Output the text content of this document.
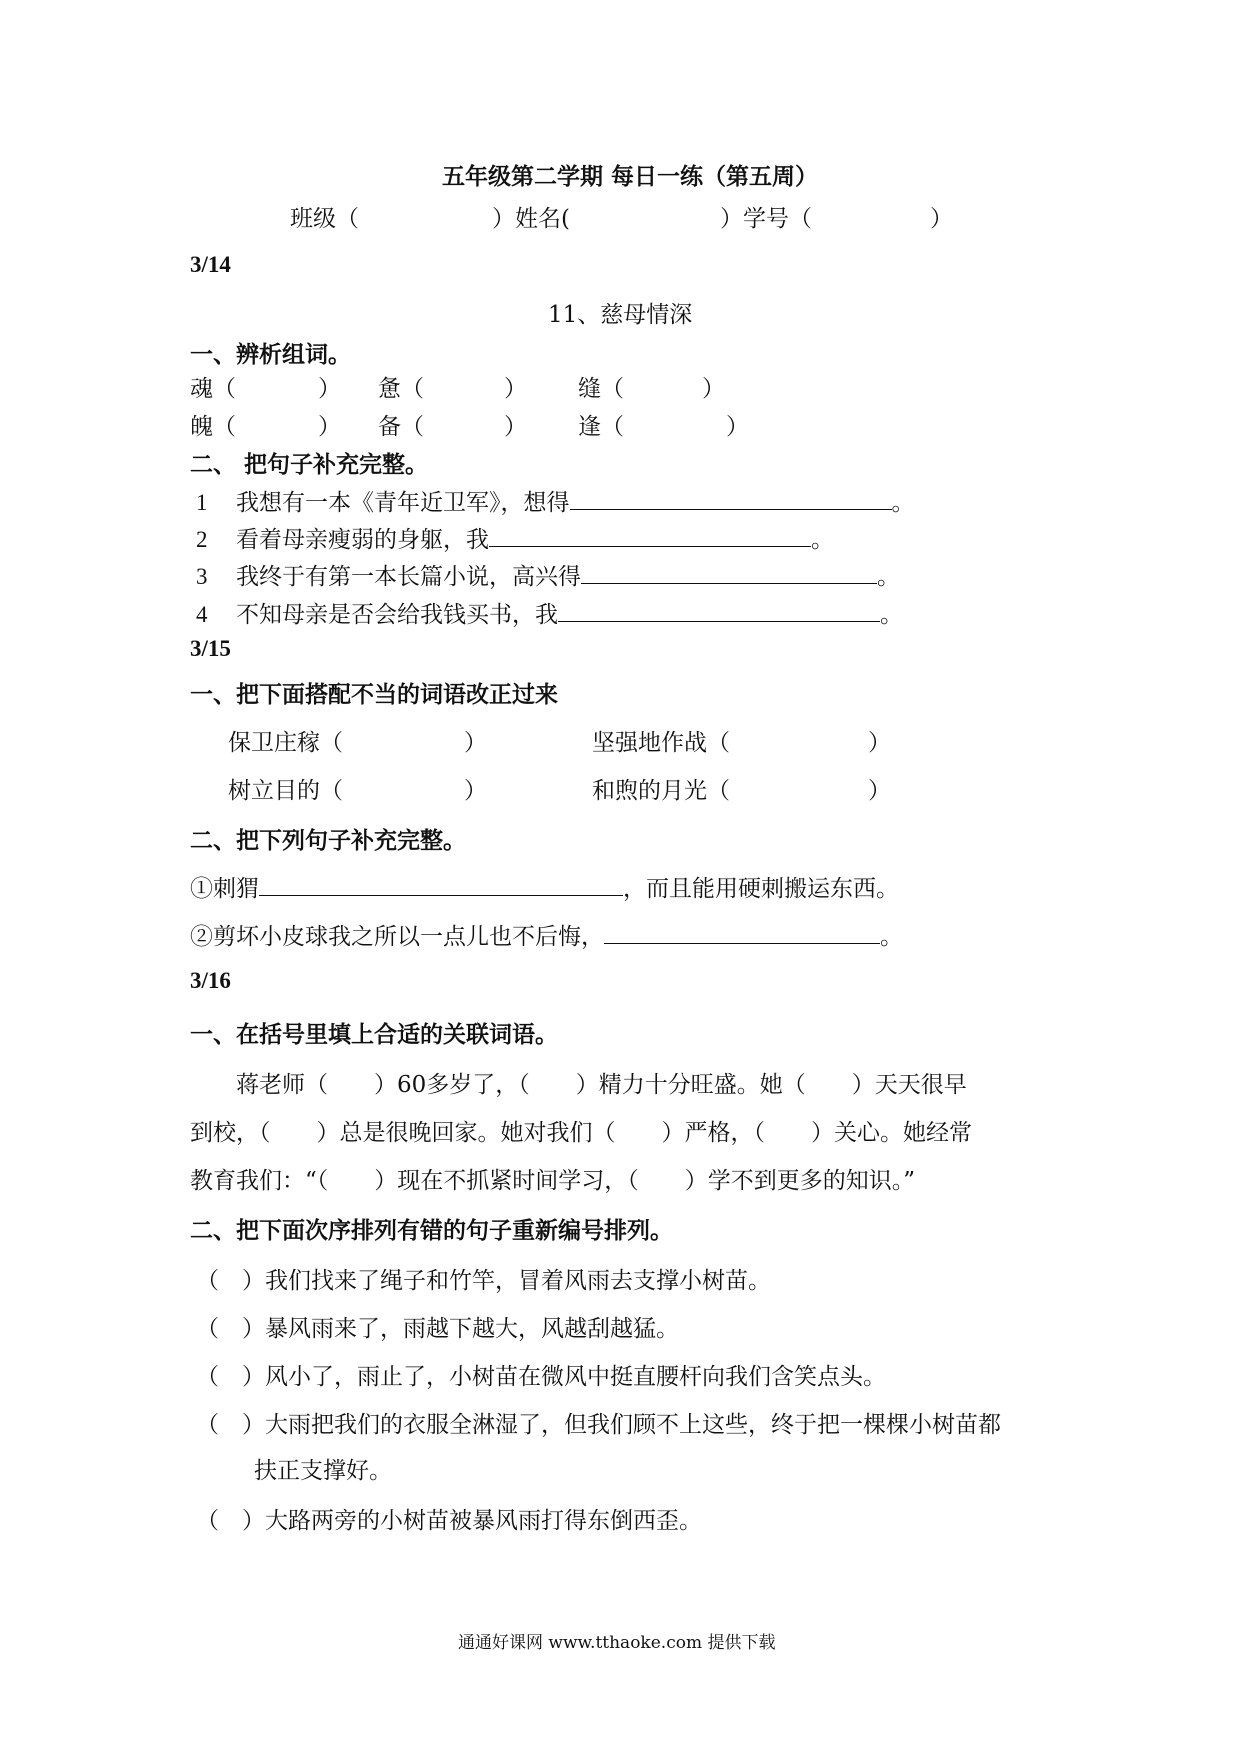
五年级第二学期 每日一练（第五周）
班级（	）姓名(	）学号（	）
3/14
11、慈母情深
一、辨析组词。
魂（	） 惫（	） 缝（	）
魄（	） 备（	） 逢（	）
二、 把句子补充完整。
1 我想有一本《青年近卫军》，想得	。
2 看着母亲瘦弱的身躯，我	。
3 我终于有第一本长篇小说，高兴得	。
4 不知母亲是否会给我钱买书，我	。
3/15
一、把下面搭配不当的词语改正过来
保卫庄稼（	）	坚强地作战（	）
树立目的（	）	和煦的月光（	）
二、把下列句子补充完整。
①刺猬	，而且能用硬刺搬运东西。
②剪坏小皮球我之所以一点儿也不后悔，	。
3/16
一、在括号里填上合适的关联词语。
蒋老师（　　）60多岁了，（　　）精力十分旺盛。她（　　）天天很早
到校，（　　）总是很晚回家。她对我们（　　）严格，（　　）关心。她经常
教育我们：“（　　）现在不抓紧时间学习，（　　）学不到更多的知识。”
二、把下面次序排列有错的句子重新编号排列。
（　）我们找来了绳子和竹竿，冒着风雨去支撑小树苗。
（　）暴风雨来了，雨越下越大，风越刮越猛。
（　）风小了，雨止了，小树苗在微风中挺直腰杆向我们含笑点头。
（　）大雨把我们的衣服全淋湿了，但我们顾不上这些，终于把一棵棵小树苗都
扶正支撑好。
（　）大路两旁的小树苗被暴风雨打得东倒西歪。
通通好课网 www.tthaoke.com 提供下载
